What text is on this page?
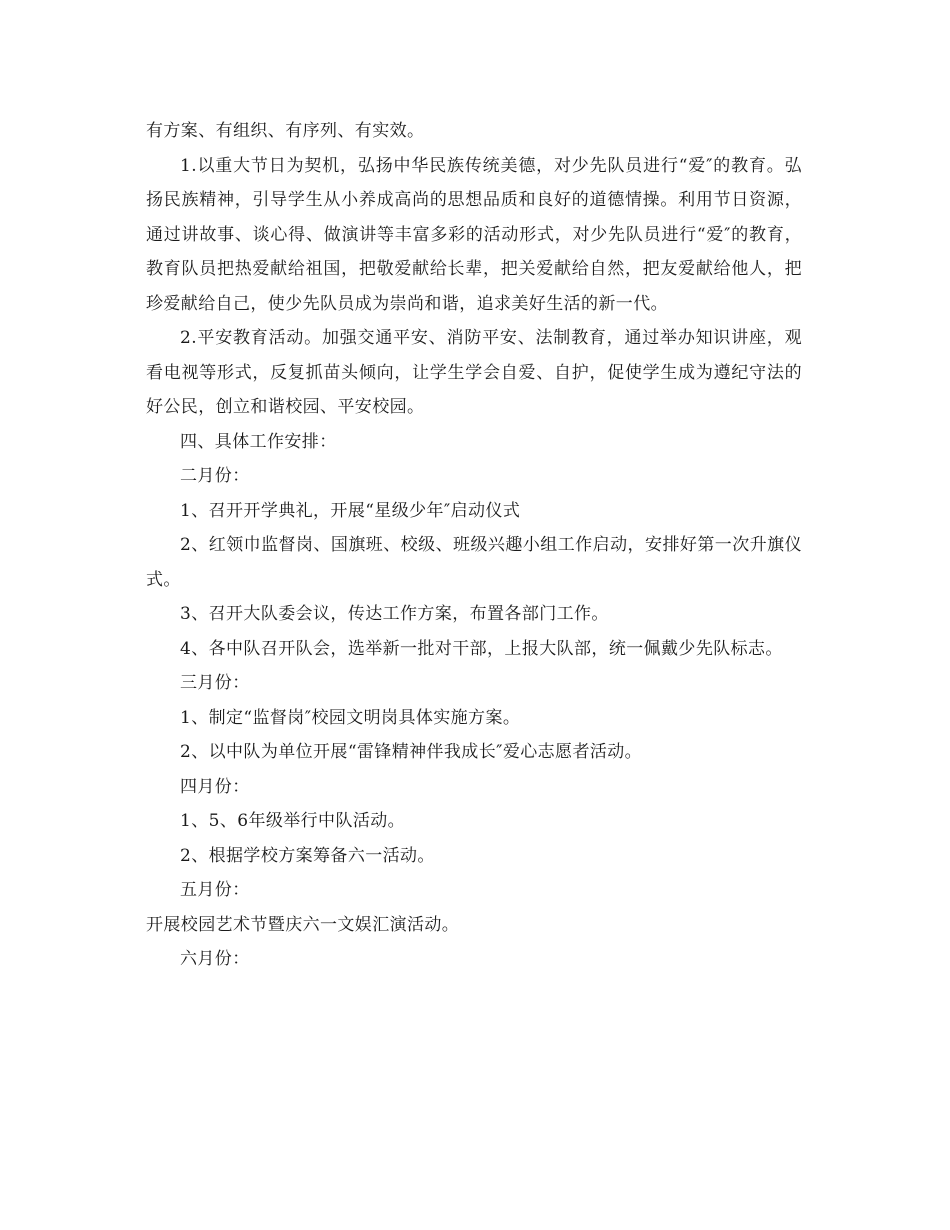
有方案、有组织、有序列、有实效。

1.以重大节日为契机，弘扬中华民族传统美德，对少先队员进行“爱″的教育。弘扬民族精神，引导学生从小养成高尚的思想品质和良好的道德情操。利用节日资源，通过讲故事、谈心得、做演讲等丰富多彩的活动形式，对少先队员进行“爱″的教育，教育队员把热爱献给祖国，把敬爱献给长辈，把关爱献给自然，把友爱献给他人，把珍爱献给自己，使少先队员成为崇尚和谐，追求美好生活的新一代。

2.平安教育活动。加强交通平安、消防平安、法制教育，通过举办知识讲座，观看电视等形式，反复抓苗头倾向，让学生学会自爱、自护，促使学生成为遵纪守法的好公民，创立和谐校园、平安校园。

四、具体工作安排：

二月份：

1、召开开学典礼，开展“星级少年″启动仪式

2、红领巾监督岗、国旗班、校级、班级兴趣小组工作启动，安排好第一次升旗仪式。

3、召开大队委会议，传达工作方案，布置各部门工作。

4、各中队召开队会，选举新一批对干部，上报大队部，统一佩戴少先队标志。

三月份：

1、制定“监督岗″校园文明岗具体实施方案。

2、以中队为单位开展“雷锋精神伴我成长″爱心志愿者活动。

四月份：

1、5、6年级举行中队活动。

2、根据学校方案筹备六一活动。

五月份：

开展校园艺术节暨庆六一文娱汇演活动。

六月份：
